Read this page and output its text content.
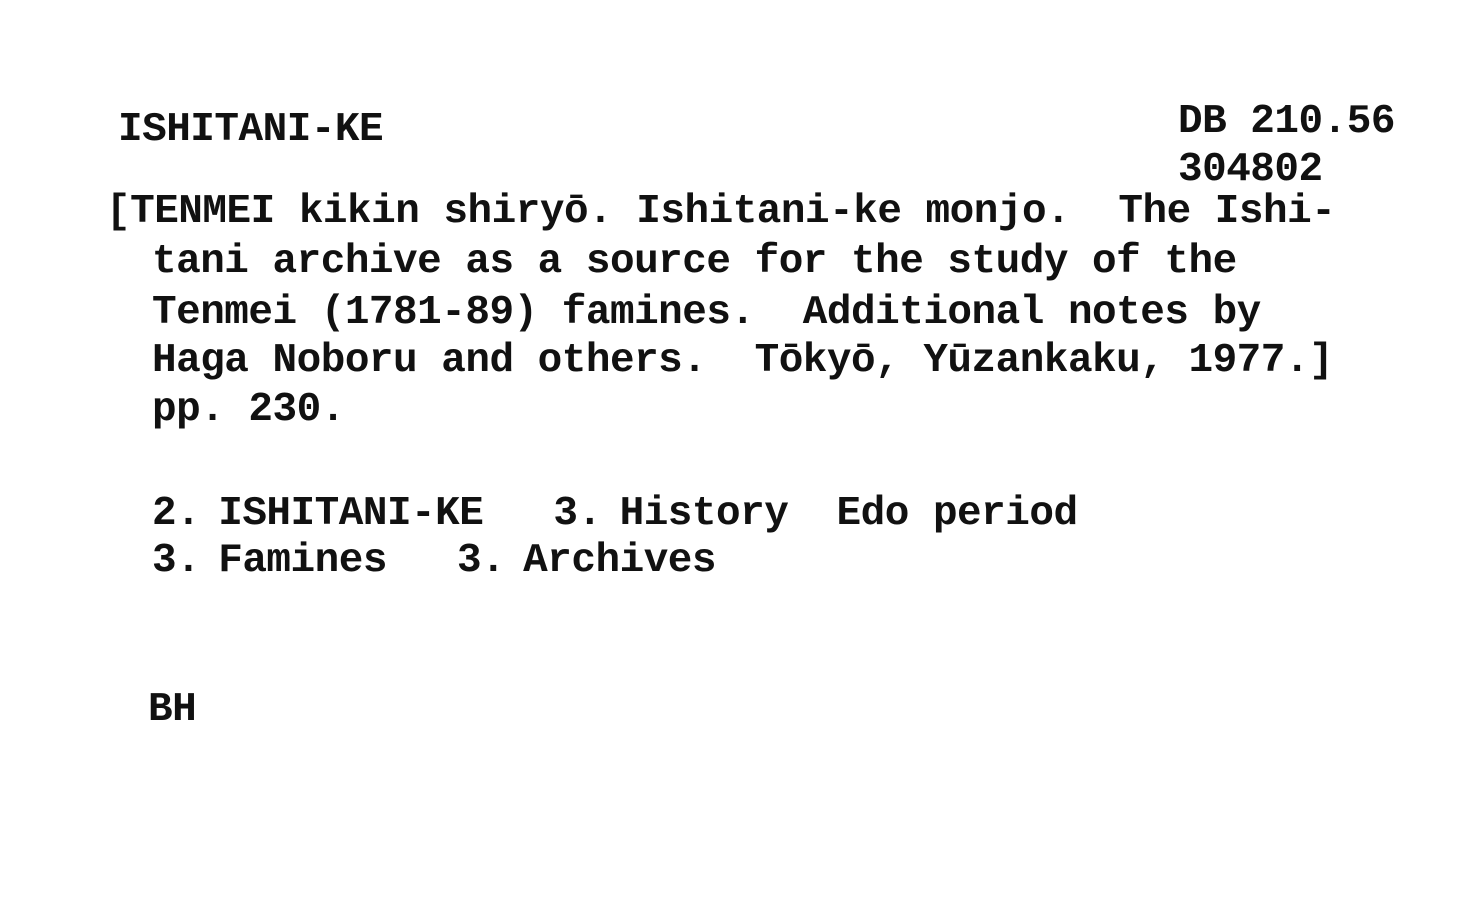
ISHITANI-KE	DB 210.56
304802
[TENMEI kikin shiryō. Ishitani-ke monjo.  The Ishi-
tani archive as a source for the study of the
Tenmei (1781-89) famines.  Additional notes by
Haga Noboru and others.  Tōkyō, Yūzankaku, 1977.]
pp. 230.
2. ISHITANI-KE 3. History  Edo period
3. Famines 3. Archives
BH
